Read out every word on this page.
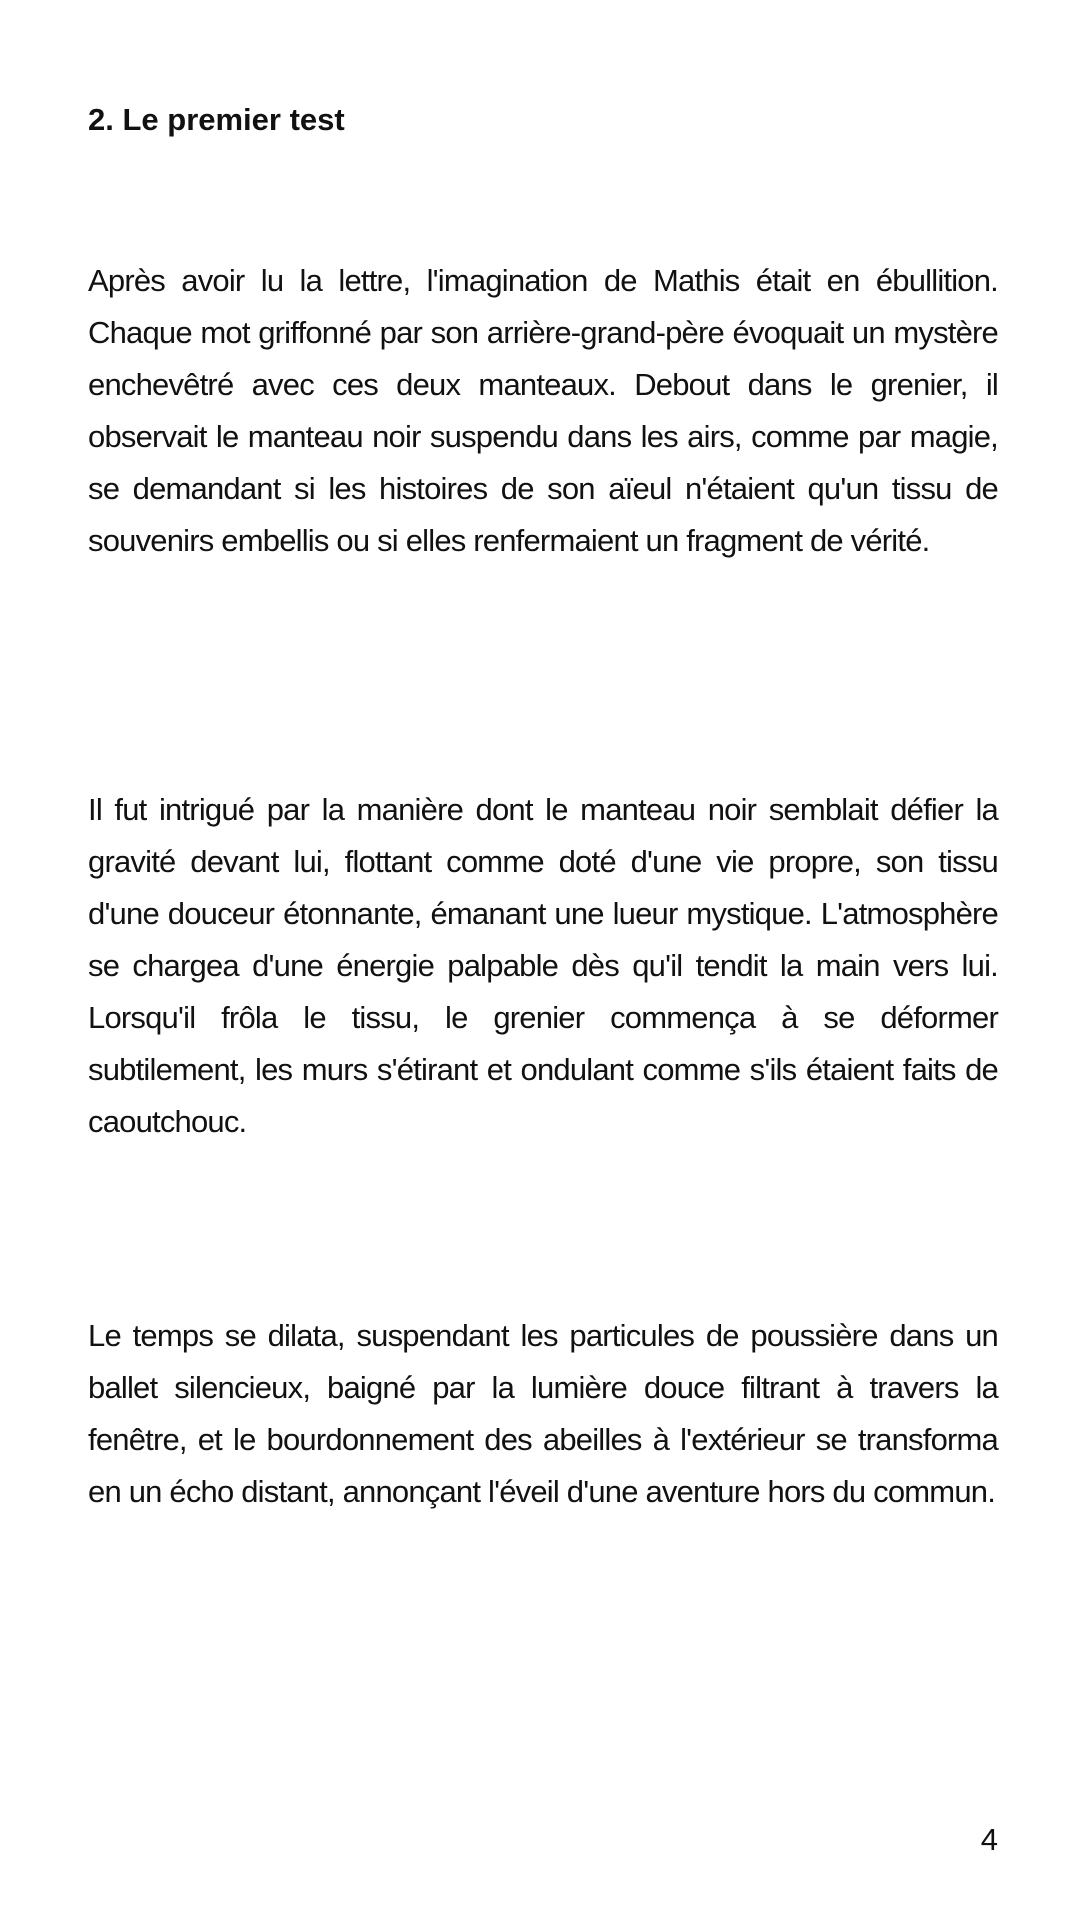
2. Le premier test

Après avoir lu la lettre, l'imagination de Mathis était en ébullition. Chaque mot griffonné par son arrière-grand-père évoquait un mystère enchevêtré avec ces deux manteaux. Debout dans le grenier, il observait le manteau noir suspendu dans les airs, comme par magie, se demandant si les histoires de son aïeul n'étaient qu'un tissu de souvenirs embellis ou si elles renfermaient un fragment de vérité.

Il fut intrigué par la manière dont le manteau noir semblait défier la gravité devant lui, flottant comme doté d'une vie propre, son tissu d'une douceur étonnante, émanant une lueur mystique. L'atmosphère se chargea d'une énergie palpable dès qu'il tendit la main vers lui. Lorsqu'il frôla le tissu, le grenier commença à se déformer subtilement, les murs s'étirant et ondulant comme s'ils étaient faits de caoutchouc.

Le temps se dilata, suspendant les particules de poussière dans un ballet silencieux, baigné par la lumière douce filtrant à travers la fenêtre, et le bourdonnement des abeilles à l'extérieur se transforma en un écho distant, annonçant l'éveil d'une aventure hors du commun.

4
